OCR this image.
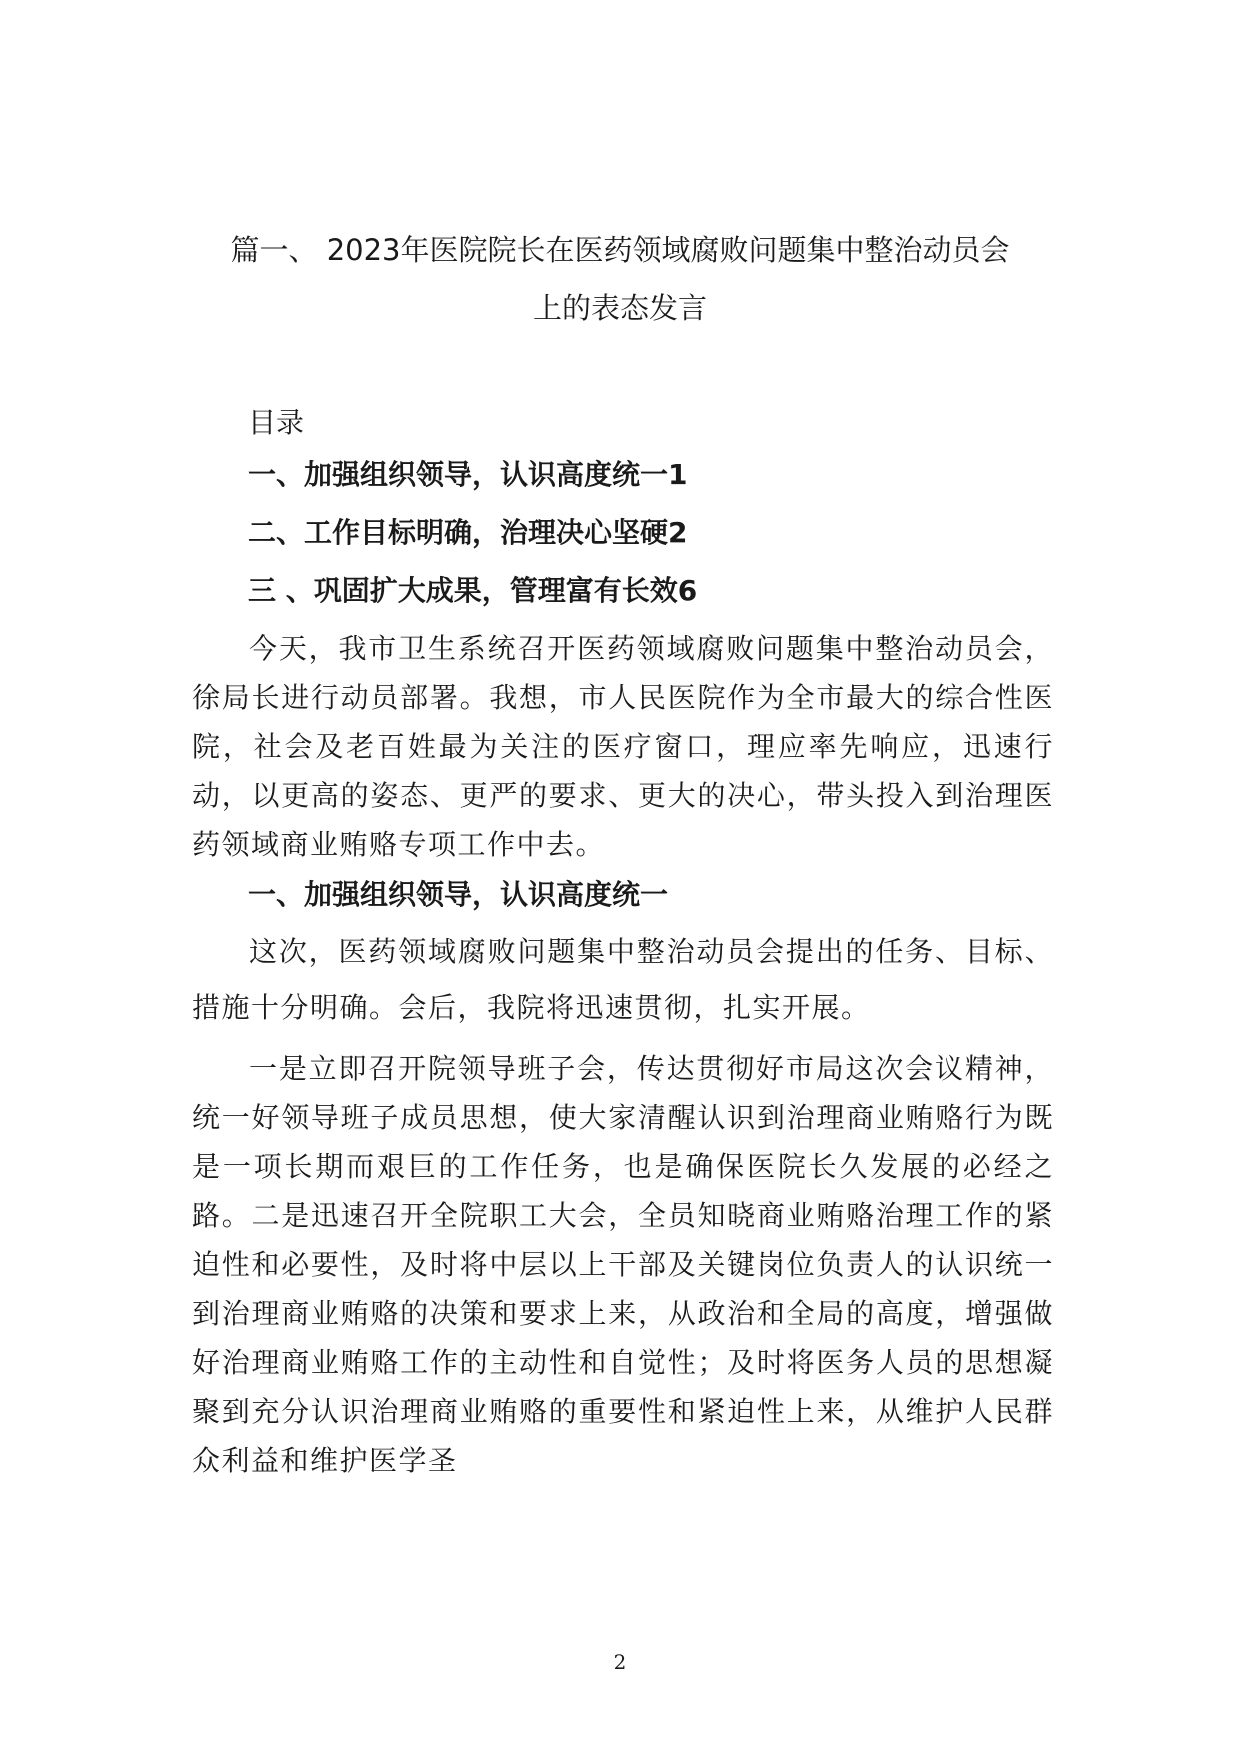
篇一、 2023年医院院长在医药领域腐败问题集中整治动员会
上的表态发言
目录
一、加强组织领导，认识高度统一1
二、工作目标明确，治理决心坚硬2
三 、巩固扩大成果，管理富有长效6

今天，我市卫生系统召开医药领域腐败问题集中整治动员会，徐局长进行动员部署。我想，市人民医院作为全市最大的综合性医院，社会及老百姓最为关注的医疗窗口，理应率先响应，迅速行动，以更高的姿态、更严的要求、更大的决心，带头投入到治理医药领域商业贿赂专项工作中去。

一、加强组织领导，认识高度统一

这次，医药领域腐败问题集中整治动员会提出的任务、目标、措施十分明确。会后，我院将迅速贯彻，扎实开展。

一是立即召开院领导班子会，传达贯彻好市局这次会议精神，统一好领导班子成员思想，使大家清醒认识到治理商业贿赂行为既是一项长期而艰巨的工作任务，也是确保医院长久发展的必经之路。二是迅速召开全院职工大会，全员知晓商业贿赂治理工作的紧迫性和必要性，及时将中层以上干部及关键岗位负责人的认识统一到治理商业贿赂的决策和要求上来，从政治和全局的高度，增强做好治理商业贿赂工作的主动性和自觉性；及时将医务人员的思想凝聚到充分认识治理商业贿赂的重要性和紧迫性上来，从维护人民群众利益和维护医学圣

2
